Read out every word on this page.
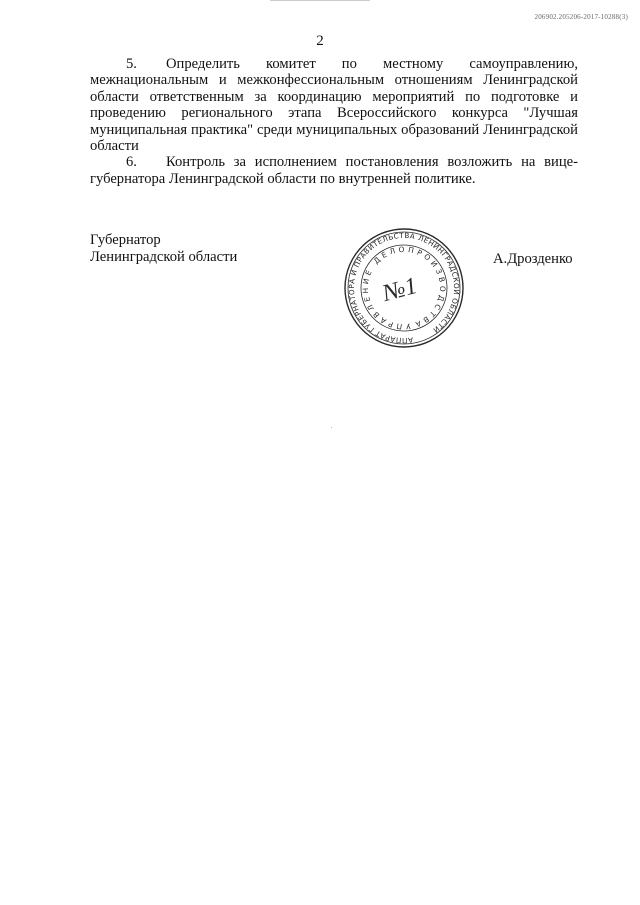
206902.205206-2017-10288(3)
2

5. Определить комитет по местному самоуправлению, межнациональным и межконфессиональным отношениям Ленинградской области ответственным за координацию мероприятий по подготовке и проведению регионального этапа Всероссийского конкурса "Лучшая муниципальная практика" среди муниципальных образований Ленинградской области

6. Контроль за исполнением постановления возложить на вице-губернатора Ленинградской области по внутренней политике.

Губернатор
Ленинградской области	А.Дрозденко
АППАРАТ ГУБЕРНАТОРА И ПРАВИТЕЛЬСТВА ЛЕНИНГРАДСКОЙ ОБЛАСТИ
УПРАВЛЕНИЕ ДЕЛОПРОИЗВОДСТВА
№1
